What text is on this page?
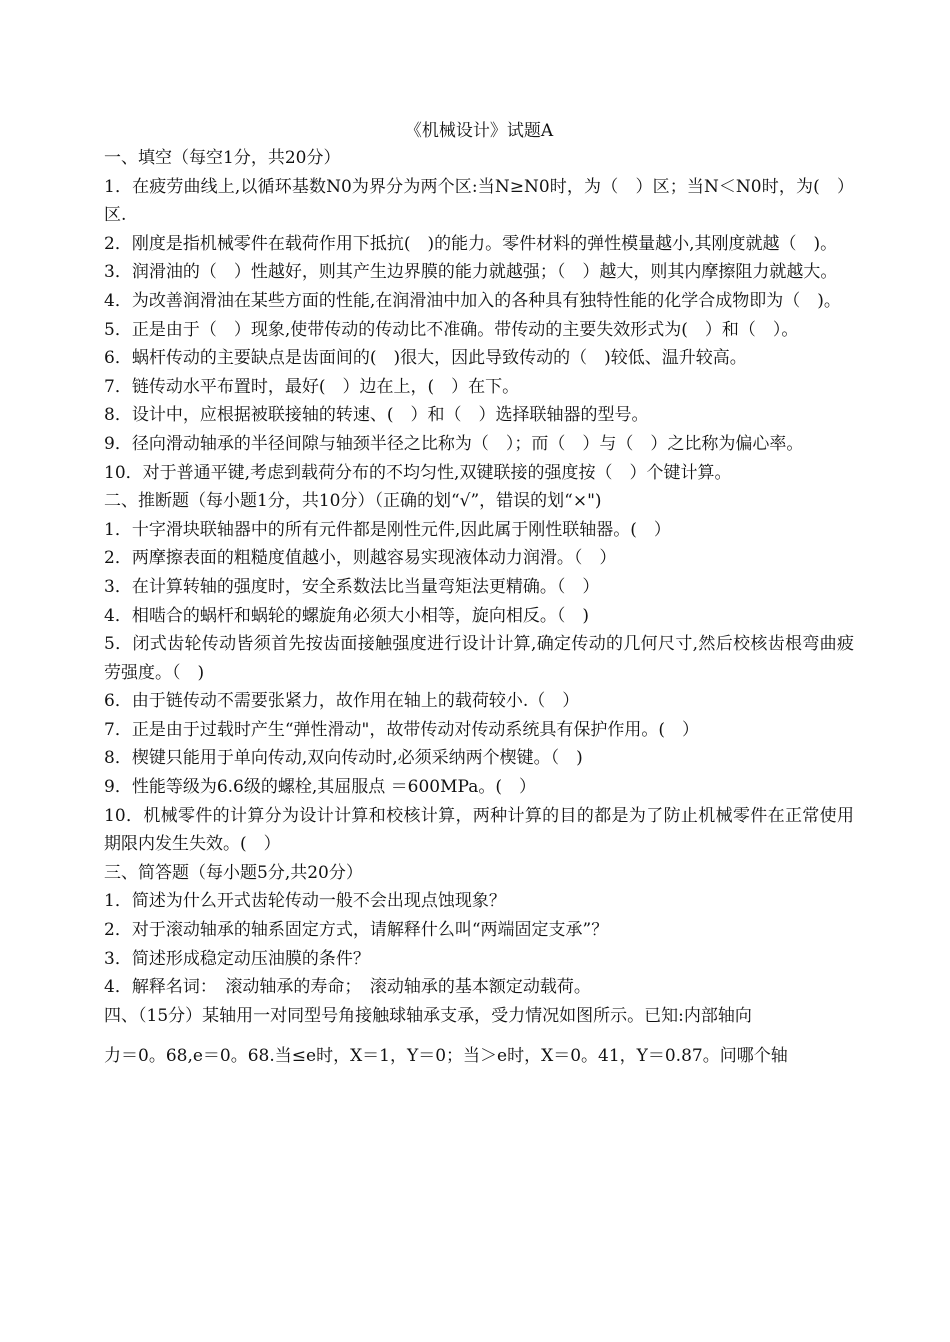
《机械设计》试题A

一、填空（每空1分，共20分）

1．在疲劳曲线上,以循环基数N0为界分为两个区:当N≥N0时，为（　）区；当N＜N0时，为(　）区.

2．刚度是指机械零件在载荷作用下抵抗(　)的能力。零件材料的弹性模量越小,其刚度就越（　)。

3．润滑油的（　）性越好，则其产生边界膜的能力就越强；（　）越大，则其内摩擦阻力就越大。

4．为改善润滑油在某些方面的性能,在润滑油中加入的各种具有独特性能的化学合成物即为（　)。

5．正是由于（　）现象,使带传动的传动比不准确。带传动的主要失效形式为(　）和（　）。

6．蜗杆传动的主要缺点是齿面间的(　)很大，因此导致传动的（　)较低、温升较高。

7．链传动水平布置时，最好(　）边在上，(　）在下。

8．设计中，应根据被联接轴的转速、(　）和（　）选择联轴器的型号。

9．径向滑动轴承的半径间隙与轴颈半径之比称为（　）；而（　）与（　）之比称为偏心率。

10．对于普通平键,考虑到载荷分布的不均匀性,双键联接的强度按（　）个键计算。

二、推断题（每小题1分，共10分）（正确的划“√”，错误的划“×")

1．十字滑块联轴器中的所有元件都是刚性元件,因此属于刚性联轴器。(　）

2．两摩擦表面的粗糙度值越小，则越容易实现液体动力润滑。（　）

3．在计算转轴的强度时，安全系数法比当量弯矩法更精确。（　）

4．相啮合的蜗杆和蜗轮的螺旋角必须大小相等，旋向相反。（　)

5．闭式齿轮传动皆须首先按齿面接触强度进行设计计算,确定传动的几何尺寸,然后校核齿根弯曲疲劳强度。（　)

6．由于链传动不需要张紧力，故作用在轴上的载荷较小.（　）

7．正是由于过载时产生“弹性滑动"，故带传动对传动系统具有保护作用。(　）

8．楔键只能用于单向传动,双向传动时,必须采纳两个楔键。（　)

9．性能等级为6.6级的螺栓,其屈服点 ＝600MPa。(　）

10．机械零件的计算分为设计计算和校核计算，两种计算的目的都是为了防止机械零件在正常使用期限内发生失效。(　）

三、简答题（每小题5分,共20分）

1．简述为什么开式齿轮传动一般不会出现点蚀现象？

2．对于滚动轴承的轴系固定方式，请解释什么叫“两端固定支承”？

3．简述形成稳定动压油膜的条件？

4．解释名词：　滚动轴承的寿命；　滚动轴承的基本额定动载荷。

四、（15分）某轴用一对同型号角接触球轴承支承，受力情况如图所示。已知:内部轴向

力＝0。68,e＝0。68.当≤e时，X＝1，Y＝0；当＞e时，X＝0。41，Y＝0.87。问哪个轴
